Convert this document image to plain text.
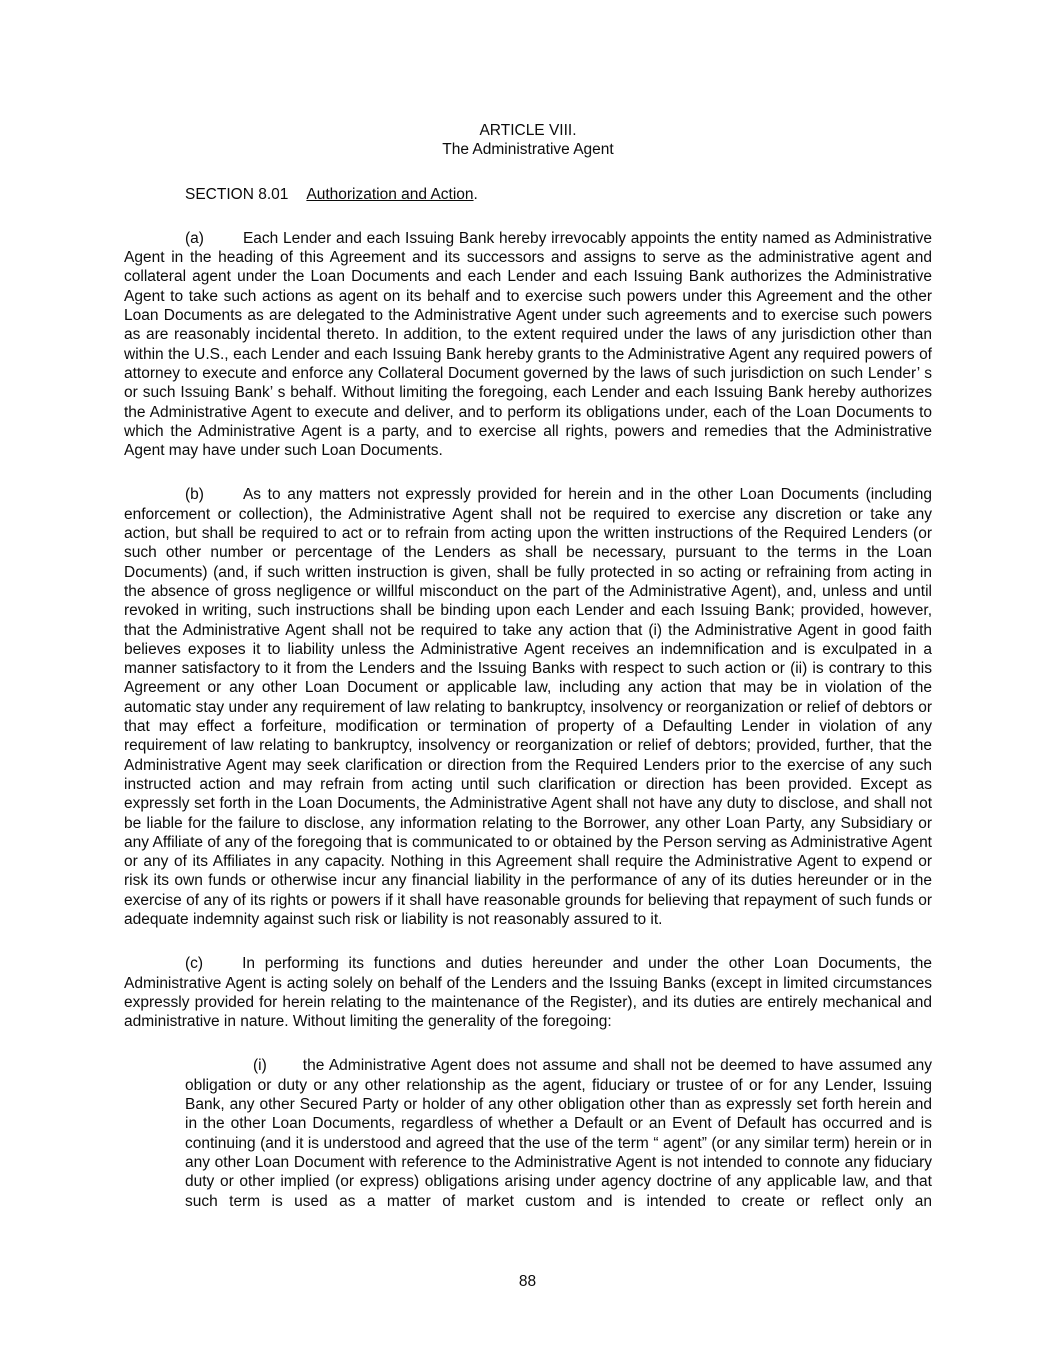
ARTICLE VIII.
The Administrative Agent

SECTION 8.01 Authorization and Action.

(a)	Each Lender and each Issuing Bank hereby irrevocably appoints the entity named as Administrative Agent in the heading of this Agreement and its successors and assigns to serve as the administrative agent and collateral agent under the Loan Documents and each Lender and each Issuing Bank authorizes the Administrative Agent to take such actions as agent on its behalf and to exercise such powers under this Agreement and the other Loan Documents as are delegated to the Administrative Agent under such agreements and to exercise such powers as are reasonably incidental thereto. In addition, to the extent required under the laws of any jurisdiction other than within the U.S., each Lender and each Issuing Bank hereby grants to the Administrative Agent any required powers of attorney to execute and enforce any Collateral Document governed by the laws of such jurisdiction on such Lender’ s or such Issuing Bank’ s behalf. Without limiting the foregoing, each Lender and each Issuing Bank hereby authorizes the Administrative Agent to execute and deliver, and to perform its obligations under, each of the Loan Documents to which the Administrative Agent is a party, and to exercise all rights, powers and remedies that the Administrative Agent may have under such Loan Documents.

(b)	As to any matters not expressly provided for herein and in the other Loan Documents (including enforcement or collection), the Administrative Agent shall not be required to exercise any discretion or take any action, but shall be required to act or to refrain from acting upon the written instructions of the Required Lenders (or such other number or percentage of the Lenders as shall be necessary, pursuant to the terms in the Loan Documents) (and, if such written instruction is given, shall be fully protected in so acting or refraining from acting in the absence of gross negligence or willful misconduct on the part of the Administrative Agent), and, unless and until revoked in writing, such instructions shall be binding upon each Lender and each Issuing Bank; provided, however, that the Administrative Agent shall not be required to take any action that (i) the Administrative Agent in good faith believes exposes it to liability unless the Administrative Agent receives an indemnification and is exculpated in a manner satisfactory to it from the Lenders and the Issuing Banks with respect to such action or (ii) is contrary to this Agreement or any other Loan Document or applicable law, including any action that may be in violation of the automatic stay under any requirement of law relating to bankruptcy, insolvency or reorganization or relief of debtors or that may effect a forfeiture, modification or termination of property of a Defaulting Lender in violation of any requirement of law relating to bankruptcy, insolvency or reorganization or relief of debtors; provided, further, that the Administrative Agent may seek clarification or direction from the Required Lenders prior to the exercise of any such instructed action and may refrain from acting until such clarification or direction has been provided. Except as expressly set forth in the Loan Documents, the Administrative Agent shall not have any duty to disclose, and shall not be liable for the failure to disclose, any information relating to the Borrower, any other Loan Party, any Subsidiary or any Affiliate of any of the foregoing that is communicated to or obtained by the Person serving as Administrative Agent or any of its Affiliates in any capacity. Nothing in this Agreement shall require the Administrative Agent to expend or risk its own funds or otherwise incur any financial liability in the performance of any of its duties hereunder or in the exercise of any of its rights or powers if it shall have reasonable grounds for believing that repayment of such funds or adequate indemnity against such risk or liability is not reasonably assured to it.

(c)	In performing its functions and duties hereunder and under the other Loan Documents, the Administrative Agent is acting solely on behalf of the Lenders and the Issuing Banks (except in limited circumstances expressly provided for herein relating to the maintenance of the Register), and its duties are entirely mechanical and administrative in nature. Without limiting the generality of the foregoing:

(i) the Administrative Agent does not assume and shall not be deemed to have assumed any obligation or duty or any other relationship as the agent, fiduciary or trustee of or for any Lender, Issuing Bank, any other Secured Party or holder of any other obligation other than as expressly set forth herein and in the other Loan Documents, regardless of whether a Default or an Event of Default has occurred and is continuing (and it is understood and agreed that the use of the term “ agent” (or any similar term) herein or in any other Loan Document with reference to the Administrative Agent is not intended to connote any fiduciary duty or other implied (or express) obligations arising under agency doctrine of any applicable law, and that such term is used as a matter of market custom and is intended to create or reflect only an

88
